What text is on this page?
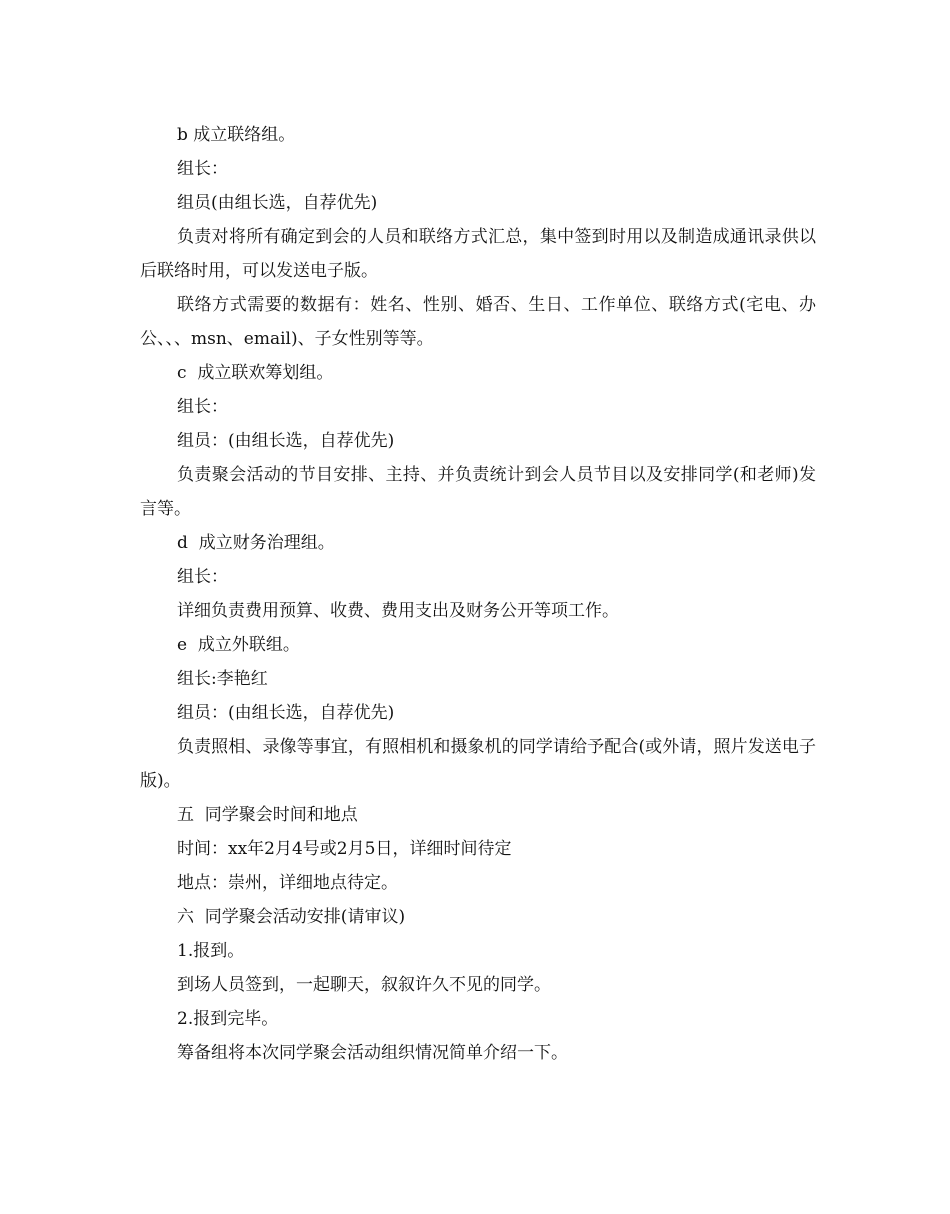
b 成立联络组。

组长：

组员(由组长选，自荐优先)

负责对将所有确定到会的人员和联络方式汇总，集中签到时用以及制造成通讯录供以后联络时用，可以发送电子版。

联络方式需要的数据有：姓名、性别、婚否、生日、工作单位、联络方式(宅电、办公、、、msn、email)、子女性别等等。

c  成立联欢筹划组。

组长：

组员：(由组长选，自荐优先)

负责聚会活动的节目安排、主持、并负责统计到会人员节目以及安排同学(和老师)发言等。

d  成立财务治理组。

组长：

详细负责费用预算、收费、费用支出及财务公开等项工作。

e  成立外联组。

组长:李艳红

组员：(由组长选，自荐优先)

负责照相、录像等事宜，有照相机和摄象机的同学请给予配合(或外请，照片发送电子版)。

五  同学聚会时间和地点

时间：xx年2月4号或2月5日，详细时间待定

地点：崇州，详细地点待定。

六  同学聚会活动安排(请审议)

1.报到。

到场人员签到，一起聊天，叙叙许久不见的同学。

2.报到完毕。

筹备组将本次同学聚会活动组织情况简单介绍一下。
